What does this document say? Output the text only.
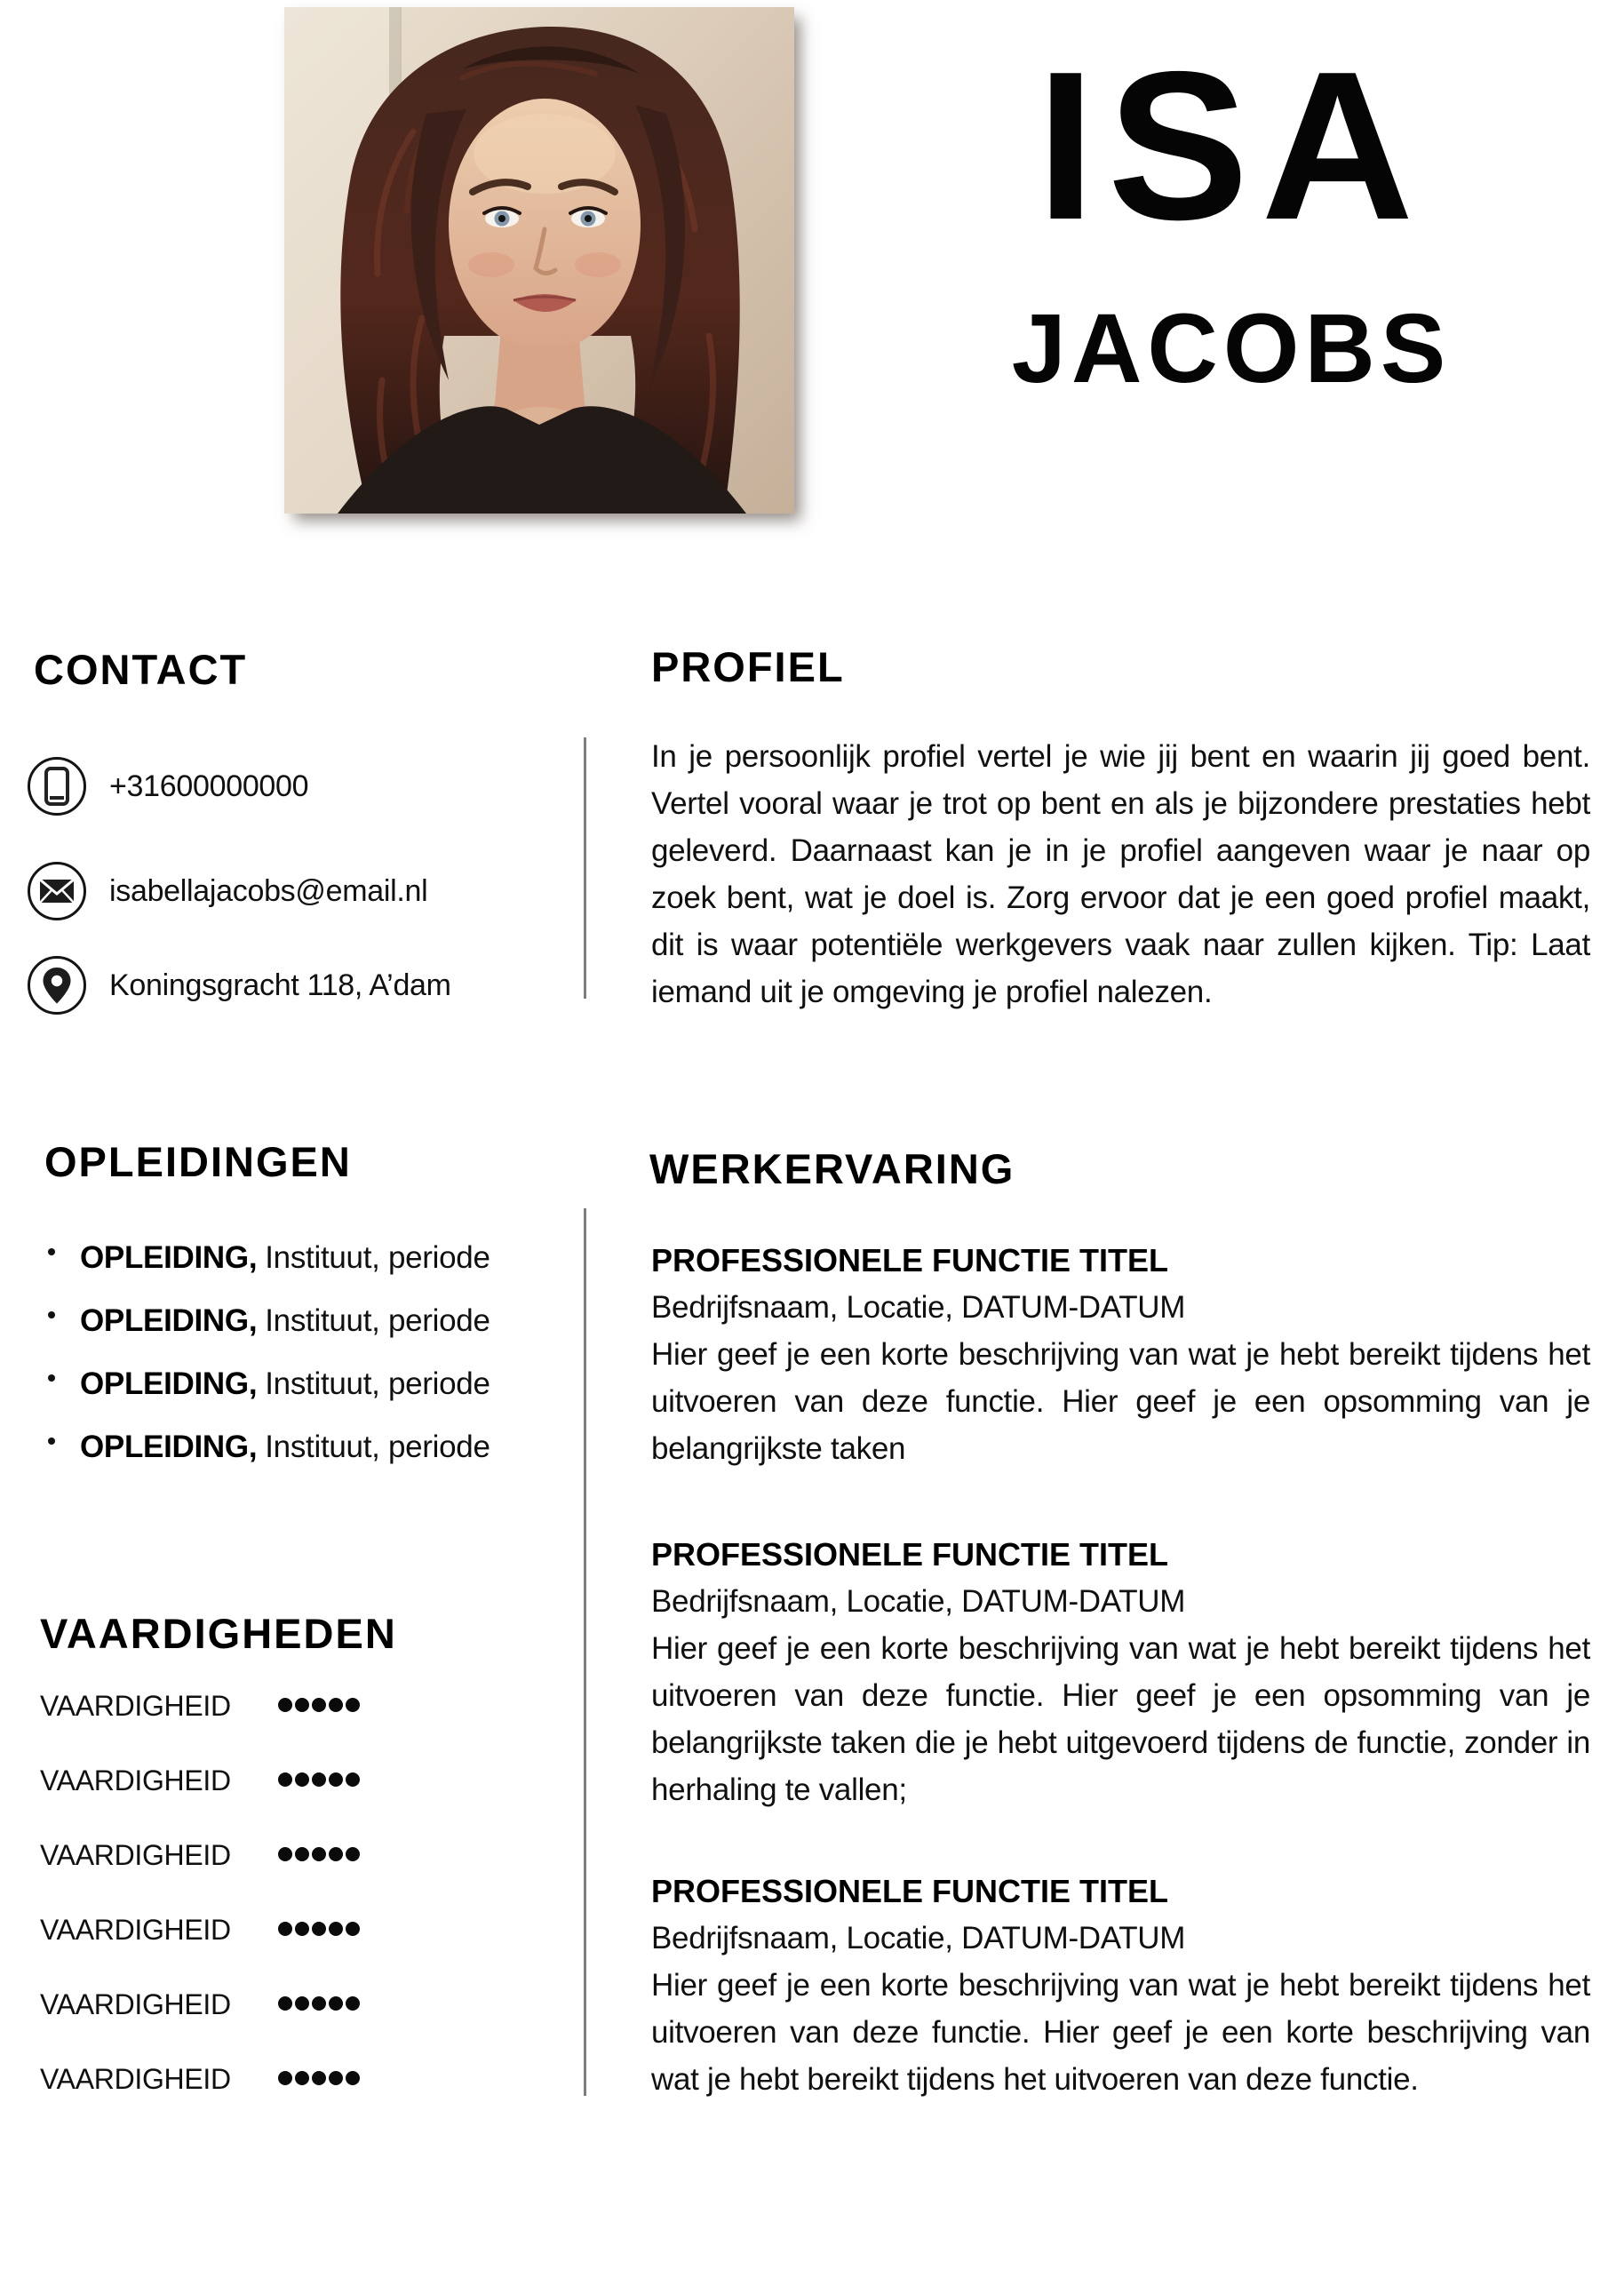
ISA
JACOBS
CONTACT	PROFIEL
OPLEIDINGEN	WERKERVARING
VAARDIGHEDEN
+31600000000
isabellajacobs@email.nl
Koningsgracht 118, A’dam

In je persoonlijk profiel vertel je wie jij bent en waarin jij goed bent. Vertel vooral waar je trot op bent en als je bijzondere prestaties hebt geleverd. Daarnaast kan je in je profiel aangeven waar je naar op zoek bent, wat je doel is. Zorg ervoor dat je een goed profiel maakt, dit is waar potentiële werkgevers vaak naar zullen kijken. Tip: Laat iemand uit je omgeving je profiel nalezen.

OPLEIDING, Instituut, periode
OPLEIDING, Instituut, periode
OPLEIDING, Instituut, periode
OPLEIDING, Instituut, periode
VAARDIGHEID
VAARDIGHEID
VAARDIGHEID
VAARDIGHEID
VAARDIGHEID
VAARDIGHEID
PROFESSIONELE FUNCTIE TITEL

Bedrijfsnaam, Locatie, DATUM-DATUM

Hier geef je een korte beschrijving van wat je hebt bereikt tijdens het uitvoeren van deze functie. Hier geef je een opsomming van je belangrijkste taken

PROFESSIONELE FUNCTIE TITEL

Bedrijfsnaam, Locatie, DATUM-DATUM

Hier geef je een korte beschrijving van wat je hebt bereikt tijdens het uitvoeren van deze functie. Hier geef je een opsomming van je belangrijkste taken die je hebt uitgevoerd tijdens de functie, zonder in herhaling te vallen;

PROFESSIONELE FUNCTIE TITEL

Bedrijfsnaam, Locatie, DATUM-DATUM

Hier geef je een korte beschrijving van wat je hebt bereikt tijdens het uitvoeren van deze functie. Hier geef je een korte beschrijving van wat je hebt bereikt tijdens het uitvoeren van deze functie.
